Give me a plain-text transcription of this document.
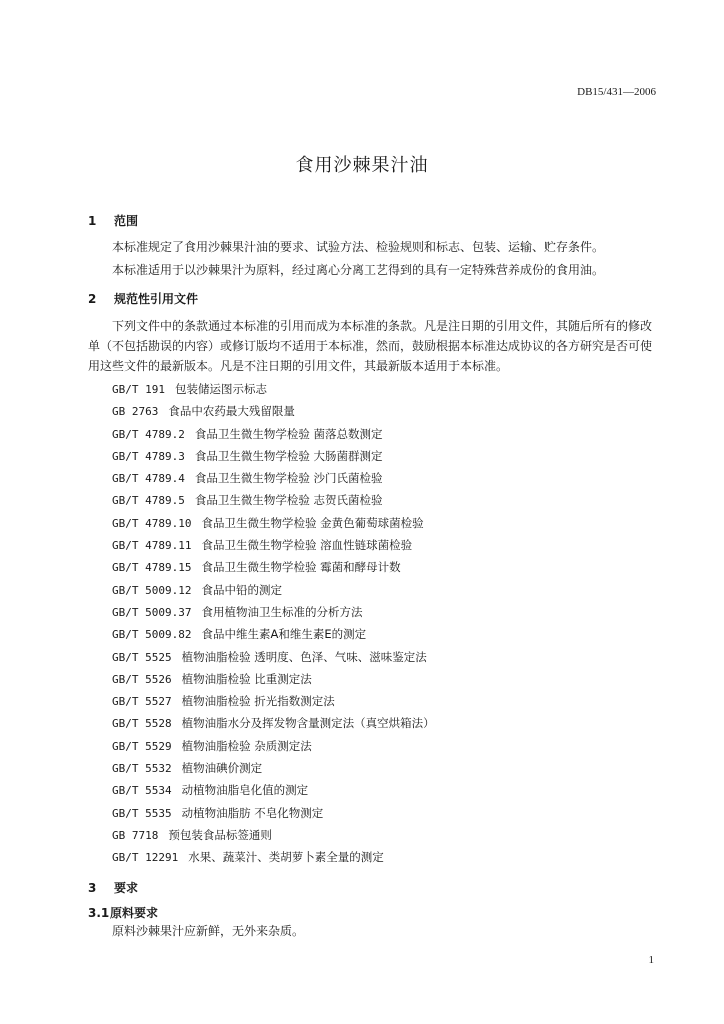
DB15/431—2006
食用沙棘果汁油
1 范围
本标准规定了食用沙棘果汁油的要求、试验方法、检验规则和标志、包装、运输、贮存条件。
本标准适用于以沙棘果汁为原料，经过离心分离工艺得到的具有一定特殊营养成份的食用油。
2 规范性引用文件
下列文件中的条款通过本标准的引用而成为本标准的条款。凡是注日期的引用文件，其随后所有的修改单（不包括勘误的内容）或修订版均不适用于本标准，然而，鼓励根据本标准达成协议的各方研究是否可使用这些文件的最新版本。凡是不注日期的引用文件，其最新版本适用于本标准。
GB/T 191 包装储运图示标志
GB 2763 食品中农药最大残留限量
GB/T 4789.2 食品卫生微生物学检验 菌落总数测定
GB/T 4789.3 食品卫生微生物学检验 大肠菌群测定
GB/T 4789.4 食品卫生微生物学检验 沙门氏菌检验
GB/T 4789.5 食品卫生微生物学检验 志贺氏菌检验
GB/T 4789.10 食品卫生微生物学检验 金黄色葡萄球菌检验
GB/T 4789.11 食品卫生微生物学检验 溶血性链球菌检验
GB/T 4789.15 食品卫生微生物学检验 霉菌和酵母计数
GB/T 5009.12 食品中铅的测定
GB/T 5009.37 食用植物油卫生标准的分析方法
GB/T 5009.82 食品中维生素A和维生素E的测定
GB/T 5525 植物油脂检验 透明度、色泽、气味、滋味鉴定法
GB/T 5526 植物油脂检验 比重测定法
GB/T 5527 植物油脂检验 折光指数测定法
GB/T 5528 植物油脂水分及挥发物含量测定法（真空烘箱法）
GB/T 5529 植物油脂检验 杂质测定法
GB/T 5532 植物油碘价测定
GB/T 5534 动植物油脂皂化值的测定
GB/T 5535 动植物油脂肪 不皂化物测定
GB 7718 预包装食品标签通则
GB/T 12291 水果、蔬菜汁、类胡萝卜素全量的测定
3 要求
3.1原料要求
原料沙棘果汁应新鲜，无外来杂质。
1
